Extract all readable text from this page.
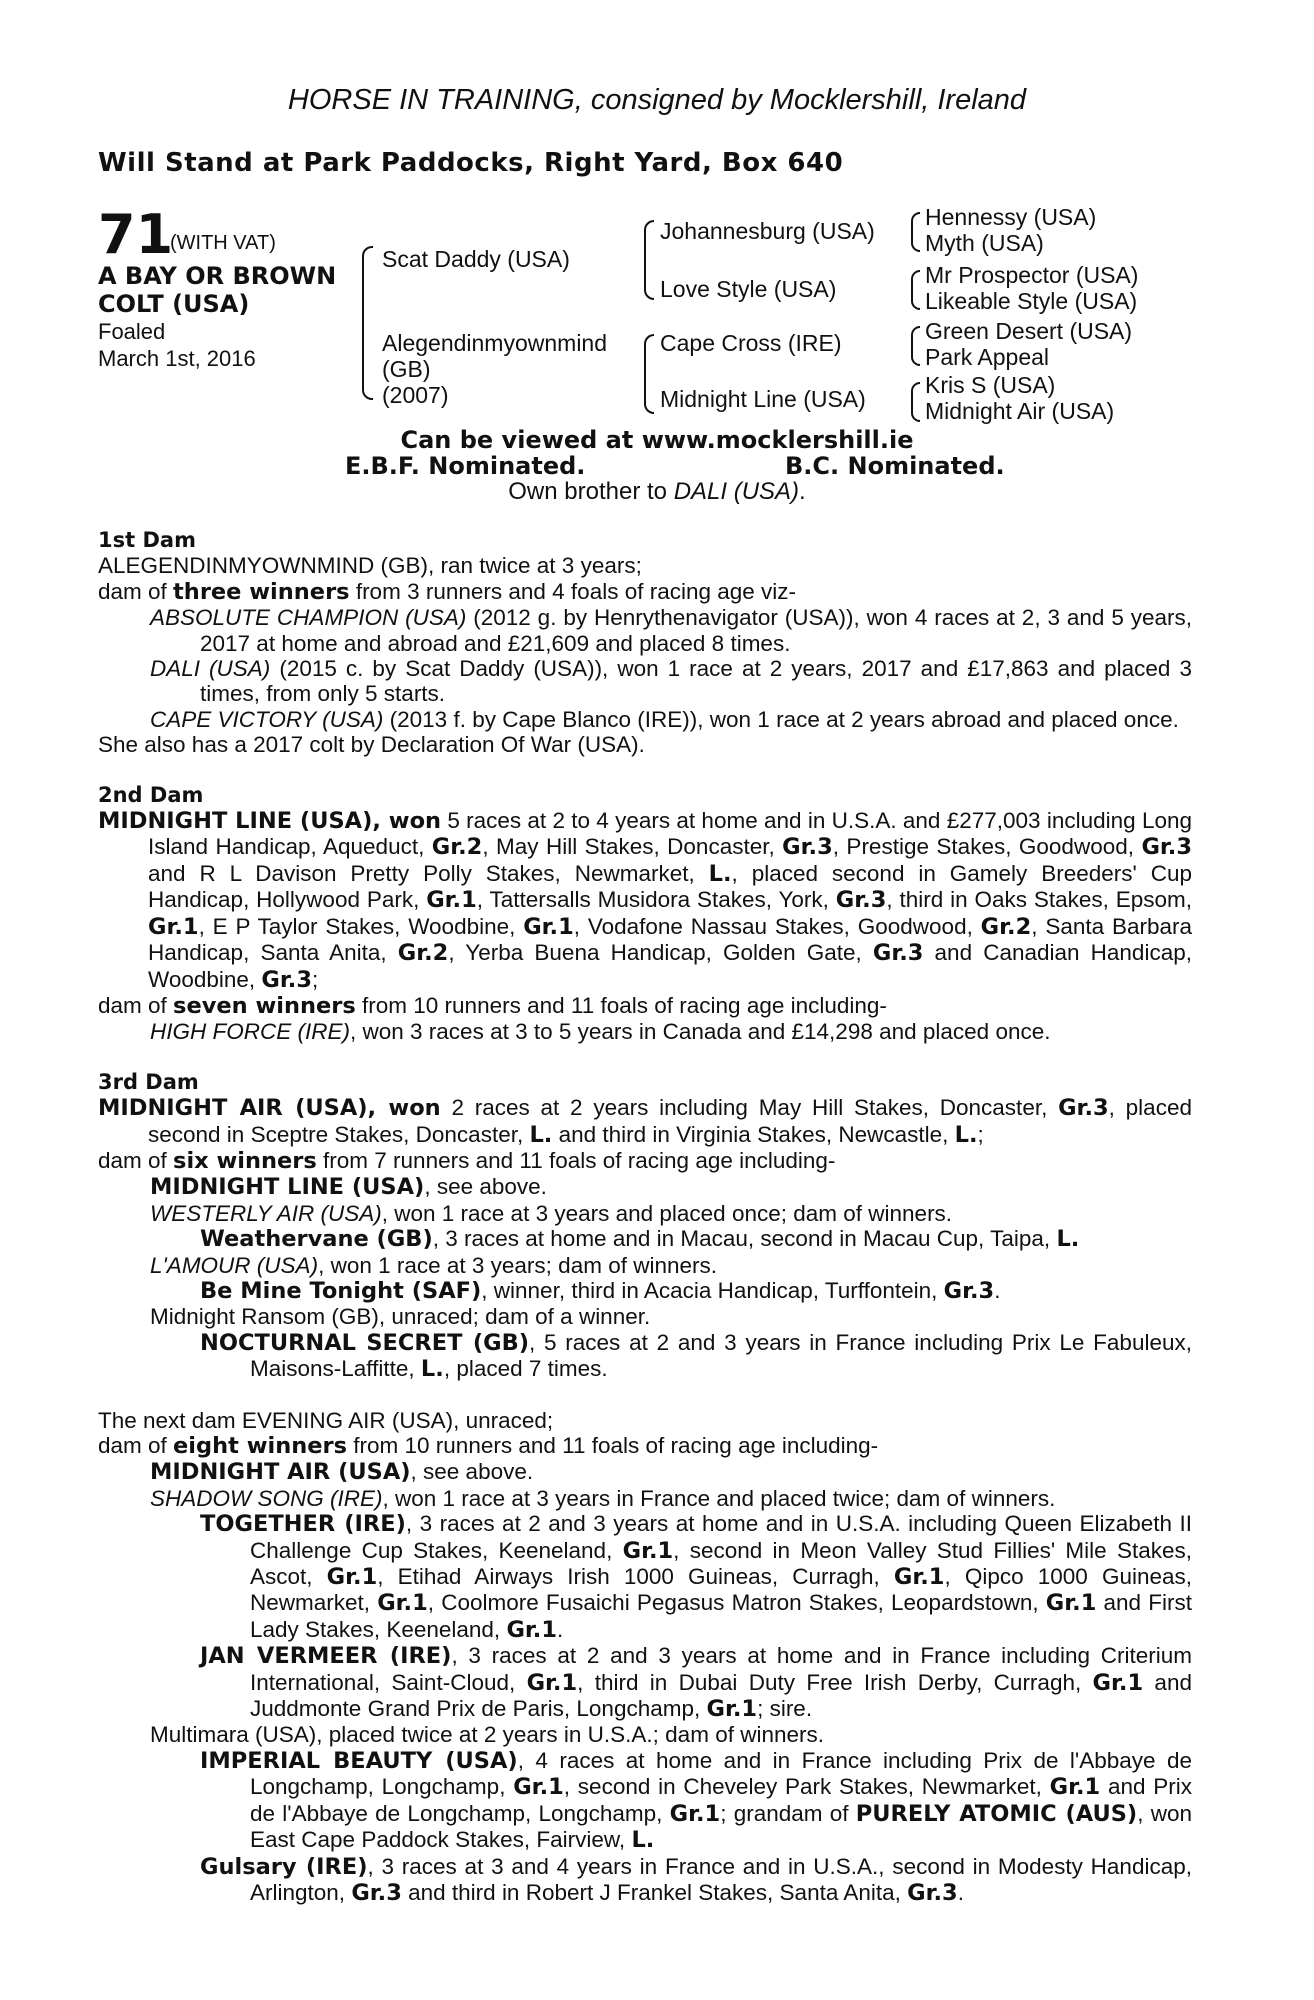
HORSE IN TRAINING, consigned by Mocklershill, Ireland
Will Stand at Park Paddocks, Right Yard, Box 640
71
(WITH VAT)
A BAY OR BROWN
COLT (USA)
Foaled
March 1st, 2016
Scat Daddy (USA)
Alegendinmyownmind
(GB)
(2007)
Johannesburg (USA)
Love Style (USA)
Cape Cross (IRE)
Midnight Line (USA)
Hennessy (USA)
Myth (USA)
Mr Prospector (USA)
Likeable Style (USA)
Green Desert (USA)
Park Appeal
Kris S (USA)
Midnight Air (USA)
Can be viewed at www.mocklershill.ie
E.B.F. Nominated.	B.C. Nominated.
Own brother to DALI (USA).

1st Dam

ALEGENDINMYOWNMIND (GB), ran twice at 3 years;

dam of three winners from 3 runners and 4 foals of racing age viz-

ABSOLUTE CHAMPION (USA) (2012 g. by Henrythenavigator (USA)), won 4 races at 2, 3 and 5 years, 2017 at home and abroad and £21,609 and placed 8 times.

DALI (USA) (2015 c. by Scat Daddy (USA)), won 1 race at 2 years, 2017 and £17,863 and placed 3 times, from only 5 starts.

CAPE VICTORY (USA) (2013 f. by Cape Blanco (IRE)), won 1 race at 2 years abroad and placed once.

She also has a 2017 colt by Declaration Of War (USA).

2nd Dam

MIDNIGHT LINE (USA), won 5 races at 2 to 4 years at home and in U.S.A. and £277,003 including Long Island Handicap, Aqueduct, Gr.2, May Hill Stakes, Doncaster, Gr.3, Prestige Stakes, Goodwood, Gr.3 and R L Davison Pretty Polly Stakes, Newmarket, L., placed second in Gamely Breeders' Cup Handicap, Hollywood Park, Gr.1, Tattersalls Musidora Stakes, York, Gr.3, third in Oaks Stakes, Epsom, Gr.1, E P Taylor Stakes, Woodbine, Gr.1, Vodafone Nassau Stakes, Goodwood, Gr.2, Santa Barbara Handicap, Santa Anita, Gr.2, Yerba Buena Handicap, Golden Gate, Gr.3 and Canadian Handicap, Woodbine, Gr.3;

dam of seven winners from 10 runners and 11 foals of racing age including-

HIGH FORCE (IRE), won 3 races at 3 to 5 years in Canada and £14,298 and placed once.

3rd Dam

MIDNIGHT AIR (USA), won 2 races at 2 years including May Hill Stakes, Doncaster, Gr.3, placed second in Sceptre Stakes, Doncaster, L. and third in Virginia Stakes, Newcastle, L.;

dam of six winners from 7 runners and 11 foals of racing age including-

MIDNIGHT LINE (USA), see above.

WESTERLY AIR (USA), won 1 race at 3 years and placed once; dam of winners.

Weathervane (GB), 3 races at home and in Macau, second in Macau Cup, Taipa, L.

L'AMOUR (USA), won 1 race at 3 years; dam of winners.

Be Mine Tonight (SAF), winner, third in Acacia Handicap, Turffontein, Gr.3.

Midnight Ransom (GB), unraced; dam of a winner.

NOCTURNAL SECRET (GB), 5 races at 2 and 3 years in France including Prix Le Fabuleux, Maisons-Laffitte, L., placed 7 times.

The next dam EVENING AIR (USA), unraced;

dam of eight winners from 10 runners and 11 foals of racing age including-

MIDNIGHT AIR (USA), see above.

SHADOW SONG (IRE), won 1 race at 3 years in France and placed twice; dam of winners.

TOGETHER (IRE), 3 races at 2 and 3 years at home and in U.S.A. including Queen Elizabeth II Challenge Cup Stakes, Keeneland, Gr.1, second in Meon Valley Stud Fillies' Mile Stakes, Ascot, Gr.1, Etihad Airways Irish 1000 Guineas, Curragh, Gr.1, Qipco 1000 Guineas, Newmarket, Gr.1, Coolmore Fusaichi Pegasus Matron Stakes, Leopardstown, Gr.1 and First Lady Stakes, Keeneland, Gr.1.

JAN VERMEER (IRE), 3 races at 2 and 3 years at home and in France including Criterium International, Saint-Cloud, Gr.1, third in Dubai Duty Free Irish Derby, Curragh, Gr.1 and Juddmonte Grand Prix de Paris, Longchamp, Gr.1; sire.

Multimara (USA), placed twice at 2 years in U.S.A.; dam of winners.

IMPERIAL BEAUTY (USA), 4 races at home and in France including Prix de l'Abbaye de Longchamp, Longchamp, Gr.1, second in Cheveley Park Stakes, Newmarket, Gr.1 and Prix de l'Abbaye de Longchamp, Longchamp, Gr.1; grandam of PURELY ATOMIC (AUS), won East Cape Paddock Stakes, Fairview, L.

Gulsary (IRE), 3 races at 3 and 4 years in France and in U.S.A., second in Modesty Handicap, Arlington, Gr.3 and third in Robert J Frankel Stakes, Santa Anita, Gr.3.
